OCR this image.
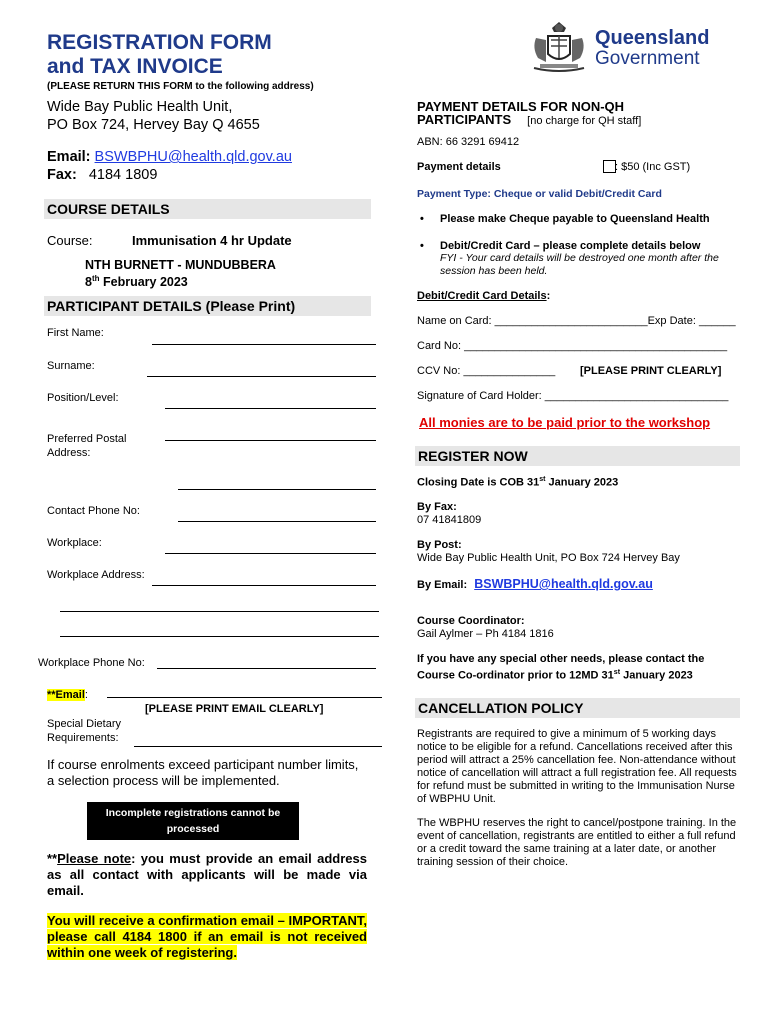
REGISTRATION FORM
and TAX INVOICE
(PLEASE RETURN THIS FORM to the following address)
Queensland
Government
Wide Bay Public Health Unit,
PO Box 724, Hervey Bay Q 4655
Email: BSWBPHU@health.qld.gov.au
Fax: 4184 1809
COURSE DETAILS
Course:	Immunisation 4 hr Update
NTH BURNETT - MUNDUBBERA
8th February 2023
PARTICIPANT DETAILS (Please Print)
First Name:
Surname:
Position/Level:
Preferred Postal
Address:
Contact Phone No:
Workplace:
Workplace Address:
Workplace Phone No:
**Email:
[PLEASE PRINT EMAIL CLEARLY]
Special Dietary
Requirements:
If course enrolments exceed participant number limits, a selection process will be implemented.
Incomplete registrations cannot be
processed
**Please note: you must provide an email address as all contact with applicants will be made via email.
You will receive a confirmation email – IMPORTANT, please call 4184 1800 if an email is not received within one week of registering.
PAYMENT DETAILS FOR NON-QH
PARTICIPANTS [no charge for QH staff]
ABN: 66 3291 69412
Payment details	: $50 (Inc GST)
Payment Type: Cheque or valid Debit/Credit Card
• Please make Cheque payable to Queensland Health
• Debit/Credit Card – please complete details below
FYI - Your card details will be destroyed one month after the session has been held.
Debit/Credit Card Details:
Name on Card: _________________________Exp Date: ______
Card No: ___________________________________________
CCV No: _______________ [PLEASE PRINT CLEARLY]
Signature of Card Holder: ______________________________
All monies are to be paid prior to the workshop
REGISTER NOW
Closing Date is COB 31st January 2023
By Fax:
07 41841809
By Post:
Wide Bay Public Health Unit, PO Box 724 Hervey Bay
By Email: BSWBPHU@health.qld.gov.au
Course Coordinator:
Gail Aylmer – Ph 4184 1816
If you have any special other needs, please contact the Course Co-ordinator prior to 12MD 31st January 2023
CANCELLATION POLICY
Registrants are required to give a minimum of 5 working days notice to be eligible for a refund. Cancellations received after this period will attract a 25% cancellation fee. Non-attendance without notice of cancellation will attract a full registration fee. All requests for refund must be submitted in writing to the Immunisation Nurse of WBPHU Unit.
The WBPHU reserves the right to cancel/postpone training. In the event of cancellation, registrants are entitled to either a full refund or a credit toward the same training at a later date, or another training session of their choice.
